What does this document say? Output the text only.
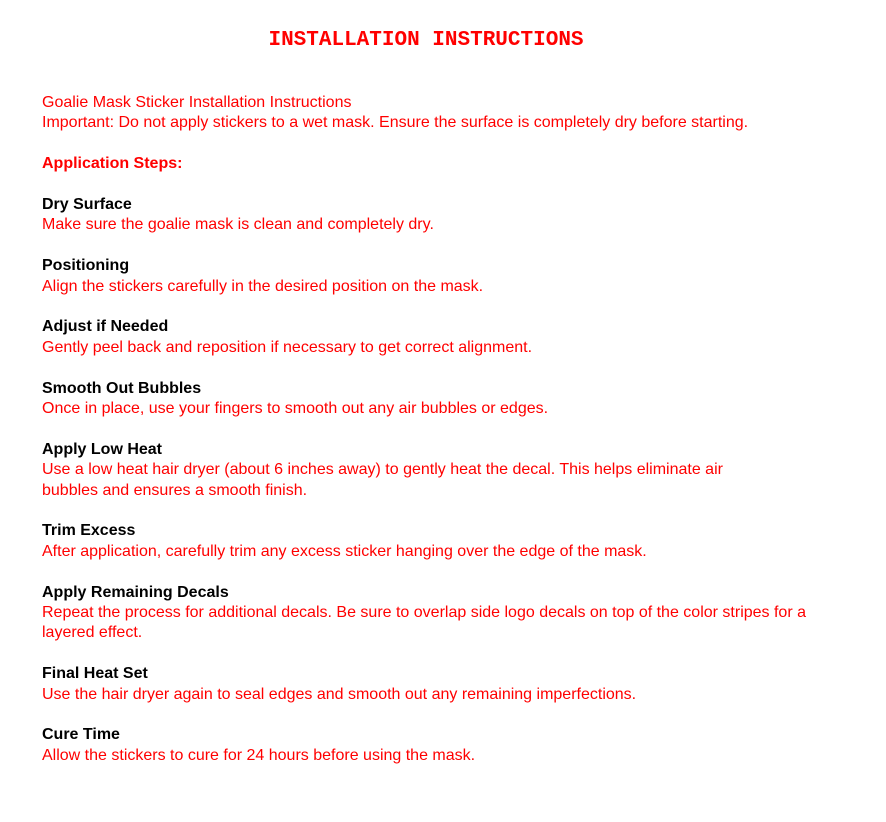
INSTALLATION INSTRUCTIONS
Goalie Mask Sticker Installation Instructions
Important: Do not apply stickers to a wet mask. Ensure the surface is completely dry before starting.
Application Steps:
Dry Surface
Make sure the goalie mask is clean and completely dry.
Positioning
Align the stickers carefully in the desired position on the mask.
Adjust if Needed
Gently peel back and reposition if necessary to get correct alignment.
Smooth Out Bubbles
Once in place, use your fingers to smooth out any air bubbles or edges.
Apply Low Heat
Use a low heat hair dryer (about 6 inches away) to gently heat the decal. This helps eliminate air bubbles and ensures a smooth finish.
Trim Excess
After application, carefully trim any excess sticker hanging over the edge of the mask.
Apply Remaining Decals
Repeat the process for additional decals. Be sure to overlap side logo decals on top of the color stripes for a layered effect.
Final Heat Set
Use the hair dryer again to seal edges and smooth out any remaining imperfections.
Cure Time
Allow the stickers to cure for 24 hours before using the mask.
